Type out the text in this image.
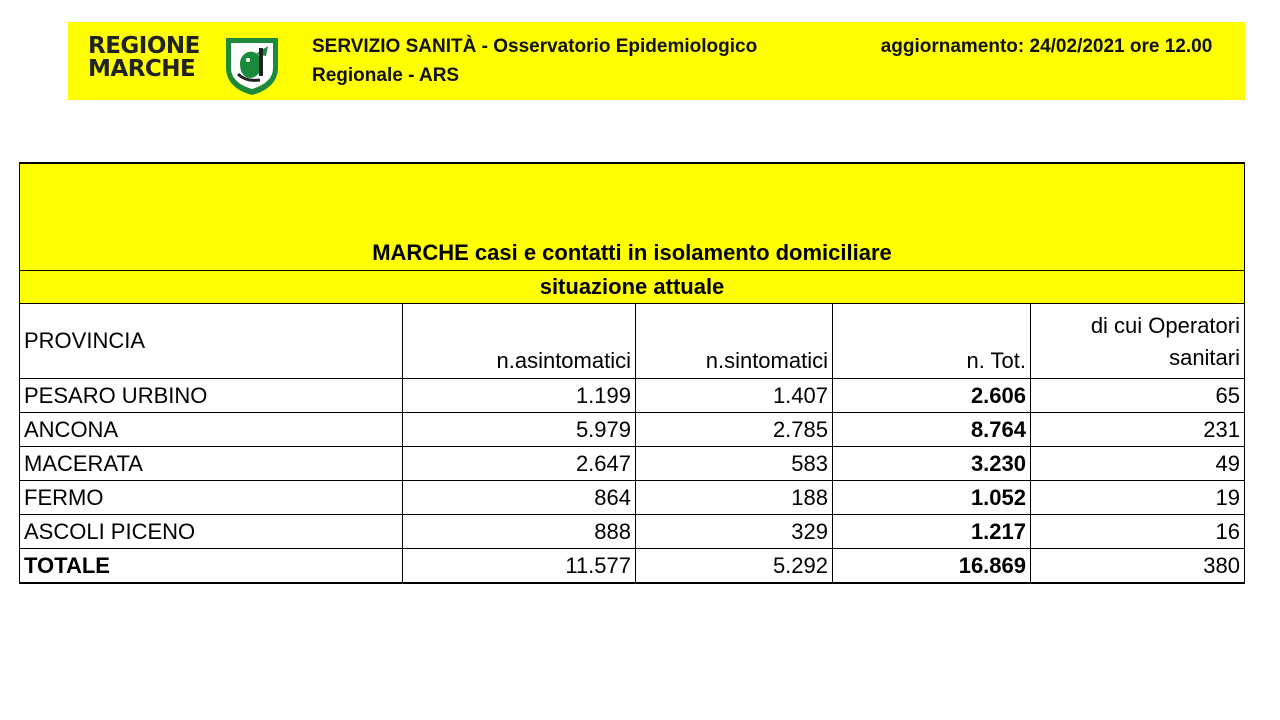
REGIONE
MARCHE
SERVIZIO SANITÀ - Osservatorio Epidemiologico Regionale - ARS
aggiornamento: 24/02/2021 ore 12.00
MARCHE casi e contatti in isolamento domiciliare				
situazione attuale				
PROVINCIA	n.asintomatici	n.sintomatici	n. Tot.	di cui Operatori sanitari
PESARO URBINO	1.199	1.407	2.606	65
ANCONA	5.979	2.785	8.764	231
MACERATA	2.647	583	3.230	49
FERMO	864	188	1.052	19
ASCOLI PICENO	888	329	1.217	16
TOTALE	11.577	5.292	16.869	380
